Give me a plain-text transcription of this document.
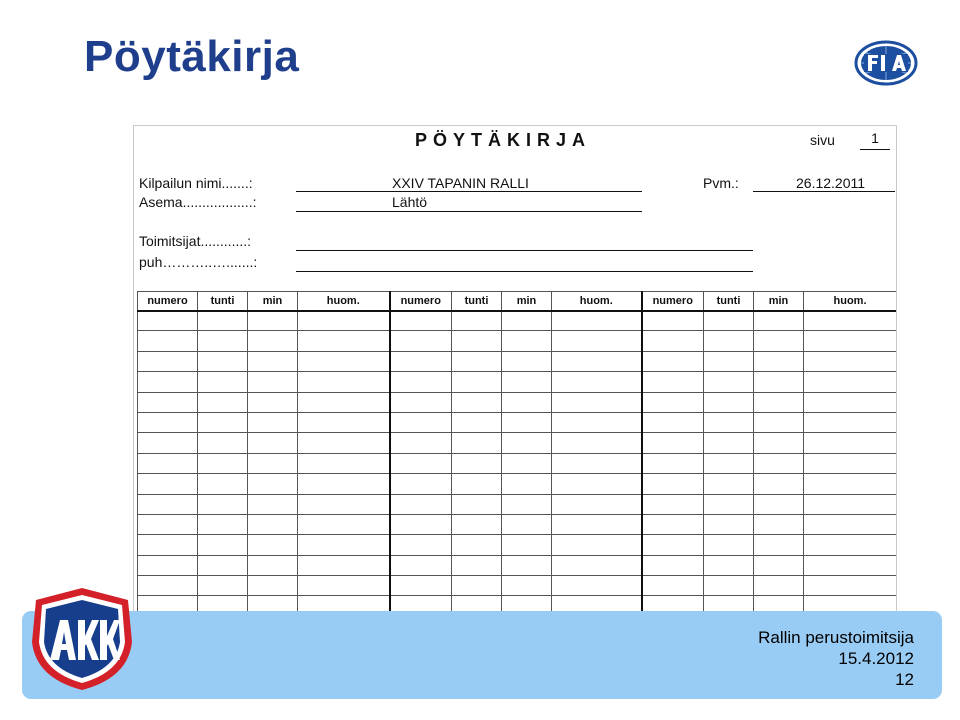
Pöytäkirja
PÖYTÄKIRJA	sivu	1
Kilpailun nimi.......:	XXIV TAPANIN RALLI	Pvm.:	26.12.2011
Asema..................:	Lähtö
Toimitsijat............:
puh………..….......:
numero	tunti	min	huom.	numero	tunti	min	huom.	numero	tunti	min	huom.

Rallin perustoimitsija
15.4.2012
12
